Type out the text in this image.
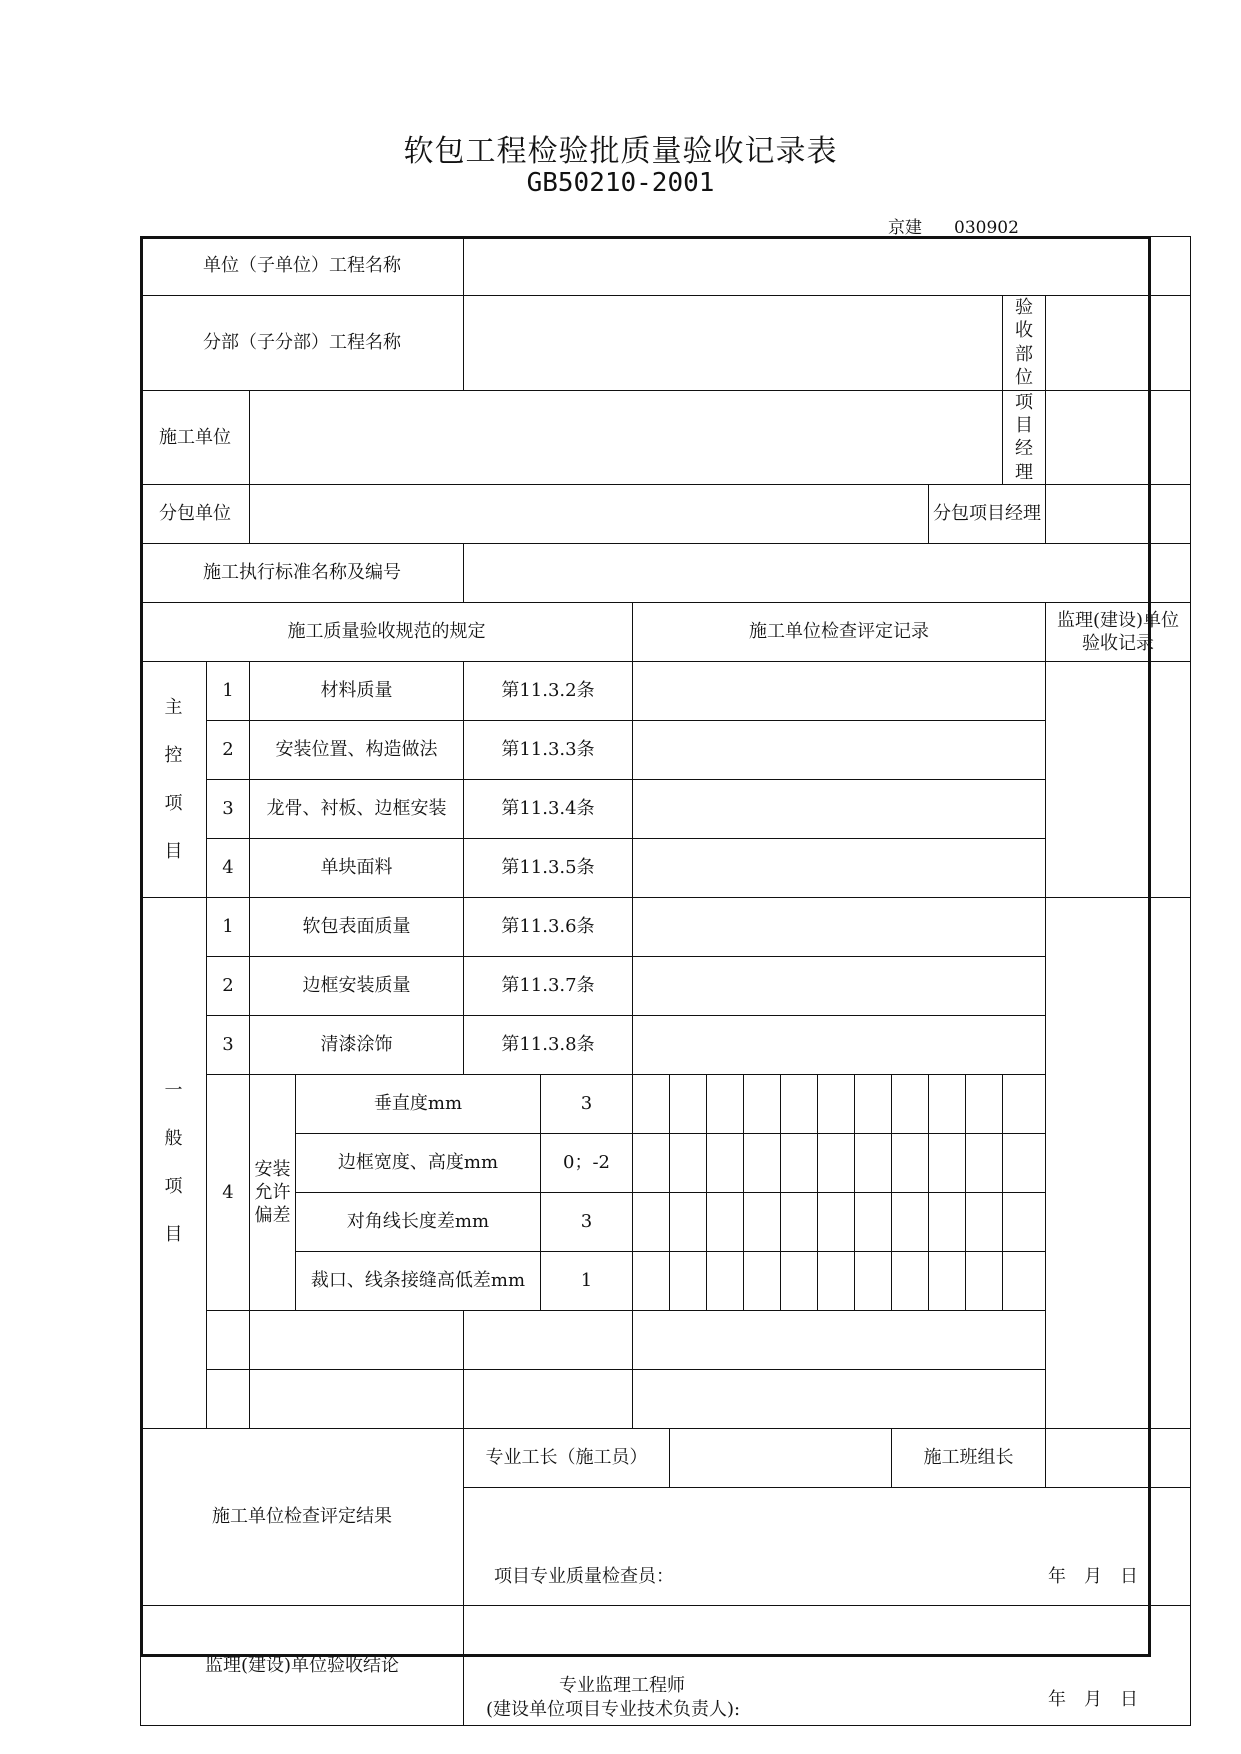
软包工程检验批质量验收记录表
GB50210-2001
京建 030902
单位（子单位）工程名称																	
分部（子分部）工程名称																验收部位	
施工单位																项目经理	
分包单位														分包项目经理			
施工执行标准名称及编号																	
施工质量验收规范的规定						施工单位检查评定记录											监理(建设)单位验收记录

主
控
项
目	1	材料质量		第11.3.2条													
	2	安装位置、构造做法		第11.3.3条													
	3	龙骨、衬板、边框安装		第11.3.4条													
	4	单块面料		第11.3.5条													

一
般
项
目	1	软包表面质量		第11.3.6条													
	2	边框安装质量		第11.3.7条													
	3	清漆涂饰		第11.3.8条													
	4	安装允许偏差	垂直度mm		3												
			边框宽度、高度mm		0；-2												
			对角线长度差mm		3												
			裁口、线条接缝高低差mm		1												

施工单位检查评定结果				专业工长（施工员）									施工班组长				

				项目专业质量检查员： 年　月　日													

监理(建设)单位验收结论				专业监理工程师
(建设单位项目专业技术负责人): 年　月　日													
